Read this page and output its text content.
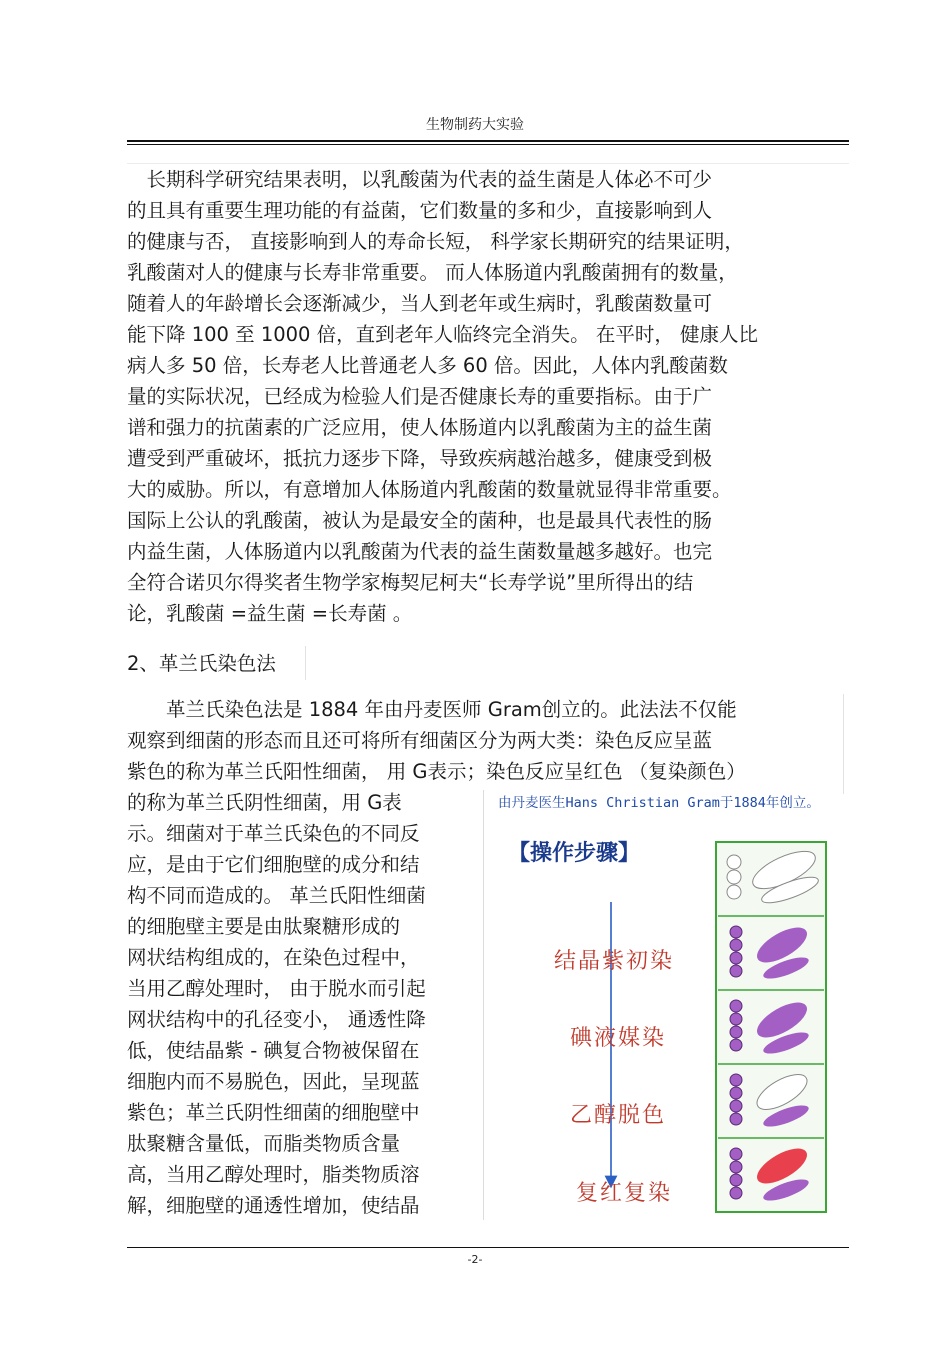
生物制药大实验
　长期科学研究结果表明，以乳酸菌为代表的益生菌是人体必不可少
的且具有重要生理功能的有益菌，它们数量的多和少，直接影响到人
的健康与否， 直接影响到人的寿命长短， 科学家长期研究的结果证明，
乳酸菌对人的健康与长寿非常重要。 而人体肠道内乳酸菌拥有的数量，
随着人的年龄增长会逐渐减少，当人到老年或生病时，乳酸菌数量可
能下降 100 至 1000 倍，直到老年人临终完全消失。 在平时， 健康人比
病人多 50 倍，长寿老人比普通老人多 60 倍。因此，人体内乳酸菌数
量的实际状况，已经成为检验人们是否健康长寿的重要指标。由于广
谱和强力的抗菌素的广泛应用，使人体肠道内以乳酸菌为主的益生菌
遭受到严重破坏，抵抗力逐步下降，导致疾病越治越多，健康受到极
大的威胁。所以，有意增加人体肠道内乳酸菌的数量就显得非常重要。
国际上公认的乳酸菌，被认为是最安全的菌种，也是最具代表性的肠
内益生菌，人体肠道内以乳酸菌为代表的益生菌数量越多越好。也完
全符合诺贝尔得奖者生物学家梅契尼柯夫“长寿学说”里所得出的结
论，乳酸菌 =益生菌 =长寿菌 。
2、革兰氏染色法
　　革兰氏染色法是 1884 年由丹麦医师 Gram创立的。此法法不仅能
观察到细菌的形态而且还可将所有细菌区分为两大类：染色反应呈蓝
紫色的称为革兰氏阳性细菌， 用 G表示；染色反应呈红色 （复染颜色）
的称为革兰氏阴性细菌，用 G表
示。细菌对于革兰氏染色的不同反
应，是由于它们细胞壁的成分和结
构不同而造成的。 革兰氏阳性细菌
的细胞壁主要是由肽聚糖形成的
网状结构组成的，在染色过程中，
当用乙醇处理时， 由于脱水而引起
网状结构中的孔径变小， 通透性降
低，使结晶紫 - 碘复合物被保留在
细胞内而不易脱色，因此，呈现蓝
紫色；革兰氏阴性细菌的细胞壁中
肽聚糖含量低，而脂类物质含量
高，当用乙醇处理时，脂类物质溶
解，细胞壁的通透性增加，使结晶
由丹麦医生Hans Christian Gram于1884年创立。
【操作步骤】
结晶紫初染
碘液媒染
乙醇脱色
复红复染
-2-
